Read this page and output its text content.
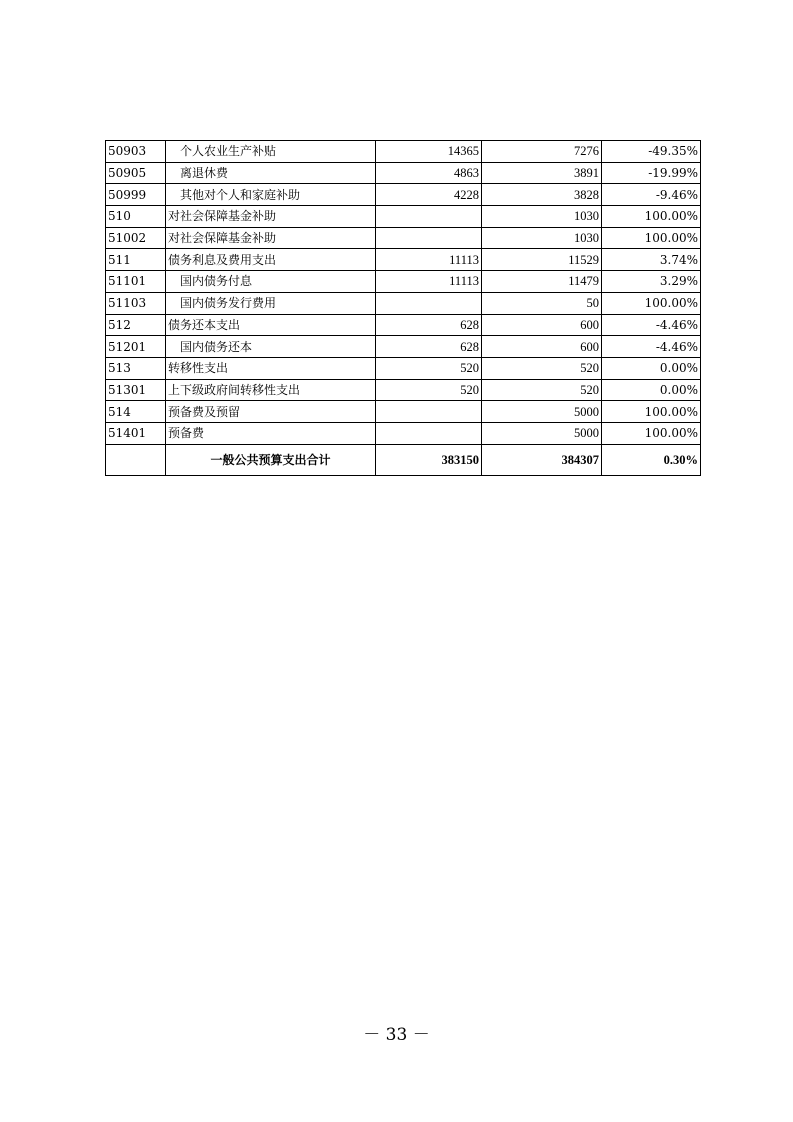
50903	个人农业生产补贴	14365	7276	-49.35%
50905	离退休费	4863	3891	-19.99%
50999	其他对个人和家庭补助	4228	3828	-9.46%
510	对社会保障基金补助		1030	100.00%
51002	对社会保障基金补助		1030	100.00%
511	债务利息及费用支出	11113	11529	3.74%
51101	国内债务付息	11113	11479	3.29%
51103	国内债务发行费用		50	100.00%
512	债务还本支出	628	600	-4.46%
51201	国内债务还本	628	600	-4.46%
513	转移性支出	520	520	0.00%
51301	上下级政府间转移性支出	520	520	0.00%
514	预备费及预留		5000	100.00%
51401	预备费		5000	100.00%
	一般公共预算支出合计	383150	384307	0.30%
－ 33 －
